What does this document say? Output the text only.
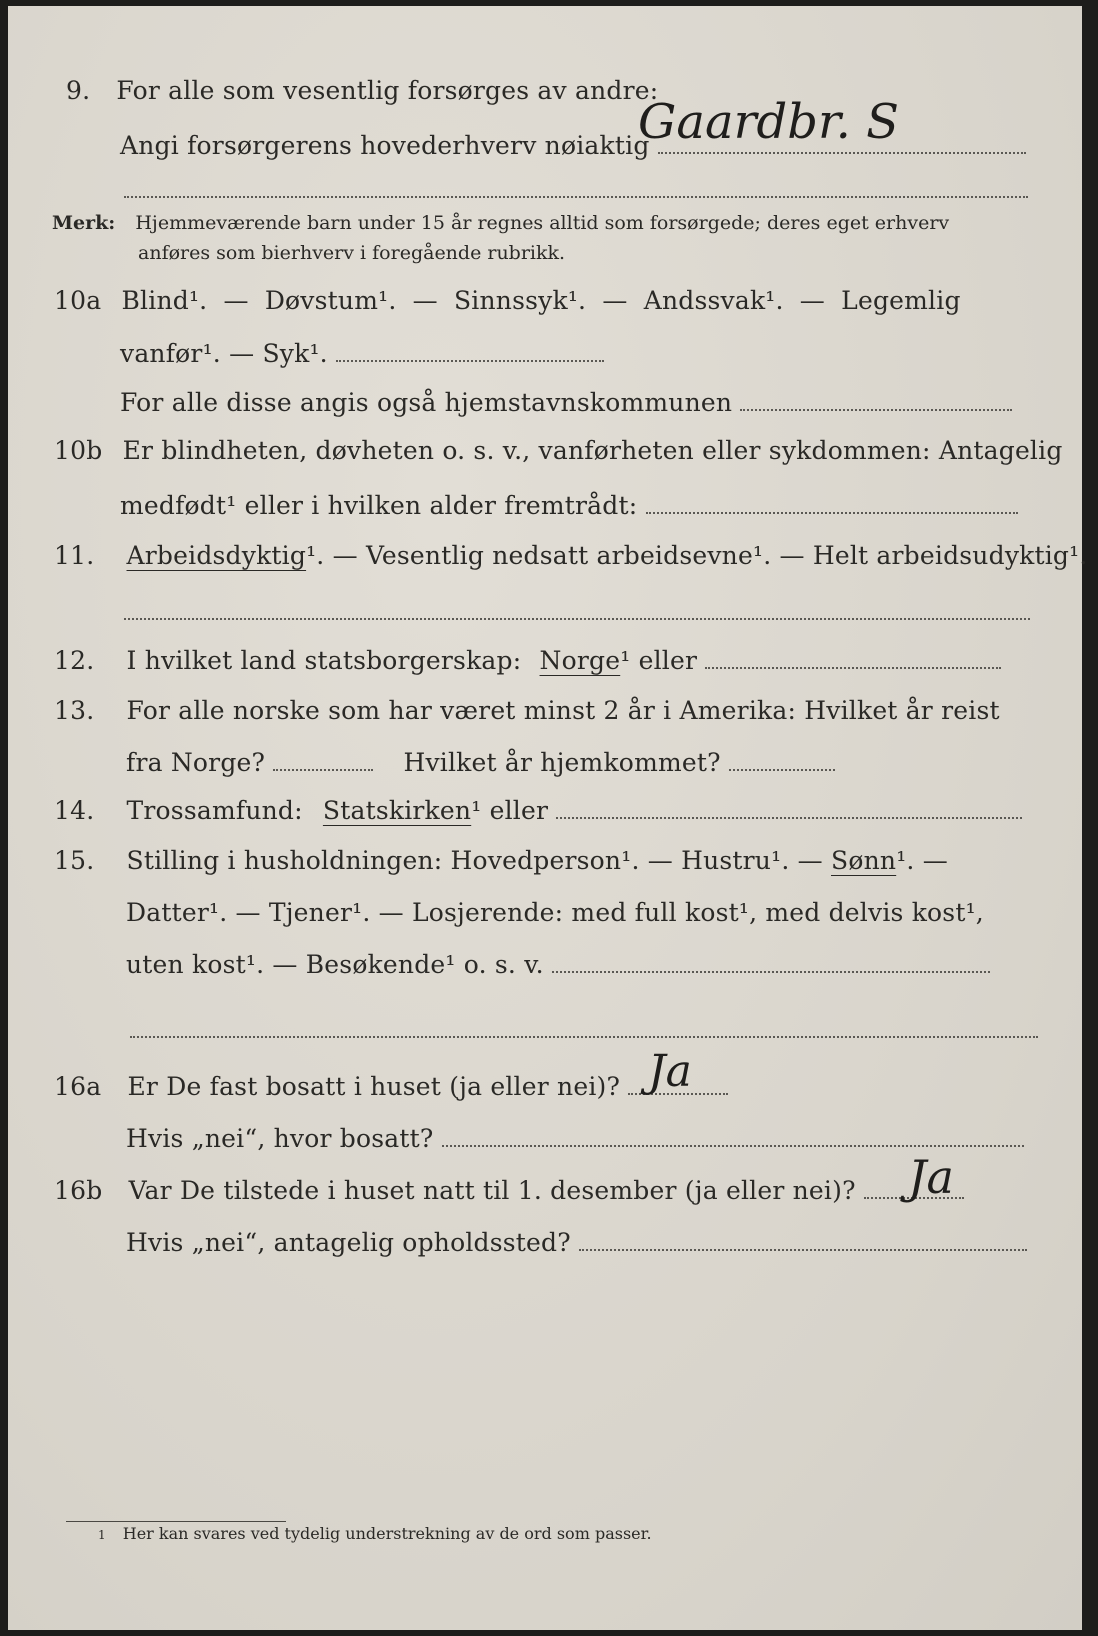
9. For alle som vesentlig forsørges av andre:
Angi forsørgerens hovederhverv nøiaktig
Gaardbr. S
Merk: Hjemmeværende barn under 15 år regnes alltid som forsørgede; deres eget erhverv
anføres som bierhverv i foregående rubrikk.
10a Blind¹. — Døvstum¹. — Sinnssyk¹. — Andssvak¹. — Legemlig
vanfør¹. — Syk¹.
For alle disse angis også hjemstavnskommunen
10b Er blindheten, døvheten o. s. v., vanførheten eller sykdommen: Antagelig
medfødt¹ eller i hvilken alder fremtrådt:
11. Arbeidsdyktig¹. — Vesentlig nedsatt arbeidsevne¹. — Helt arbeidsudyktig¹.
12. I hvilket land statsborgerskap: Norge¹ eller
13. For alle norske som har været minst 2 år i Amerika: Hvilket år reist
fra Norge?	Hvilket år hjemkommet?
14. Trossamfund: Statskirken¹ eller
15. Stilling i husholdningen: Hovedperson¹. — Hustru¹. — Sønn¹. —
Datter¹. — Tjener¹. — Losjerende: med full kost¹, med delvis kost¹,
uten kost¹. — Besøkende¹ o. s. v.
16a Er De fast bosatt i huset (ja eller nei)? Ja
Hvis „nei“, hvor bosatt?
16b Var De tilstede i huset natt til 1. desember (ja eller nei)?	Ja
Hvis „nei“, antagelig opholdssted?
1 Her kan svares ved tydelig understrekning av de ord som passer.
